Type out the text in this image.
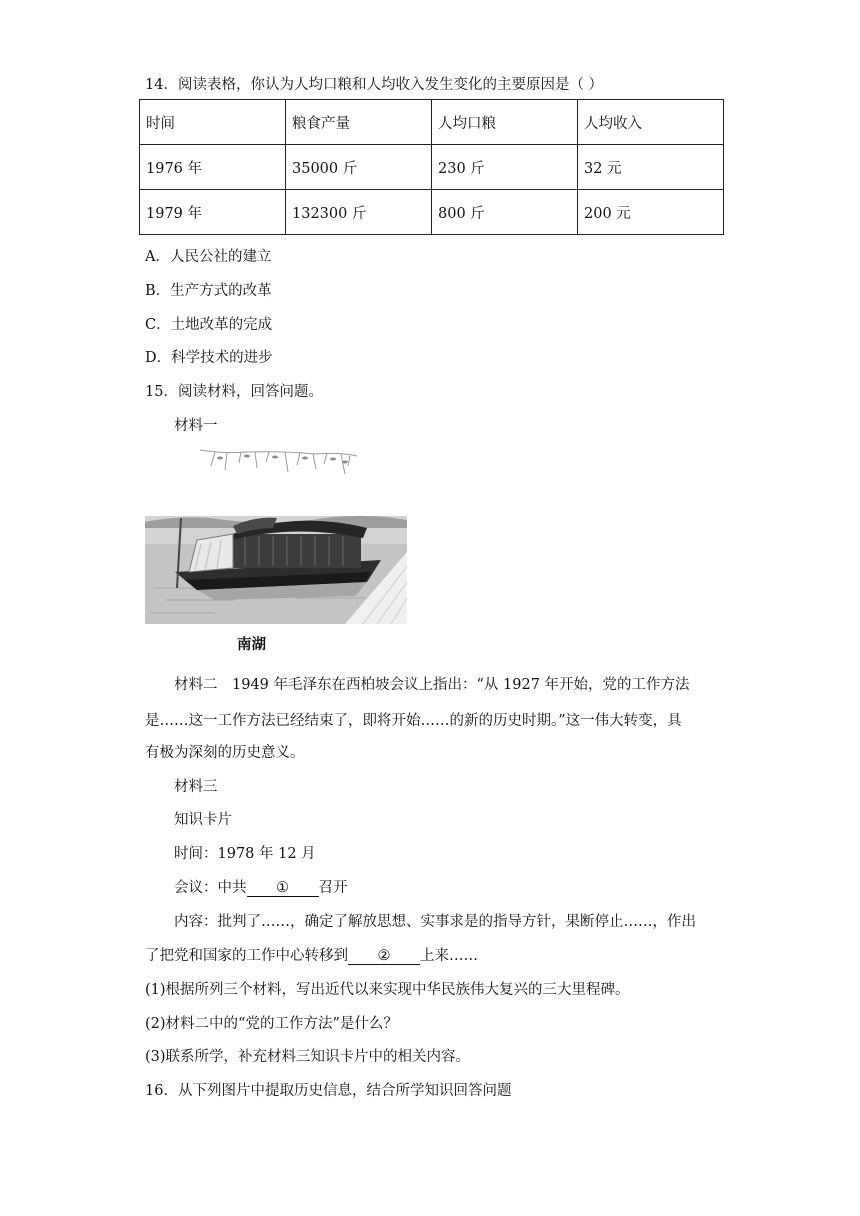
14．阅读表格，你认为人均口粮和人均收入发生变化的主要原因是（ ）
时间	粮食产量	人均口粮	人均收入
1976 年	35000 斤	230 斤	32 元
1979 年	132300 斤	800 斤	200 元
A．人民公社的建立
B．生产方式的改革
C．土地改革的完成
D．科学技术的进步
15．阅读材料，回答问题。
材料一
南湖
材料二　1949 年毛泽东在西柏坡会议上指出：“从 1927 年开始，党的工作方法
是……这一工作方法已经结束了，即将开始……的新的历史时期。”这一伟大转变，具
有极为深刻的历史意义。
材料三
知识卡片
时间：1978 年 12 月
会议：中共 ① 召开
内容：批判了……，确定了解放思想、实事求是的指导方针，果断停止……，作出
了把党和国家的工作中心转移到 ② 上来……
(1)根据所列三个材料，写出近代以来实现中华民族伟大复兴的三大里程碑。
(2)材料二中的“党的工作方法”是什么？
(3)联系所学，补充材料三知识卡片中的相关内容。
16．从下列图片中提取历史信息，结合所学知识回答问题
